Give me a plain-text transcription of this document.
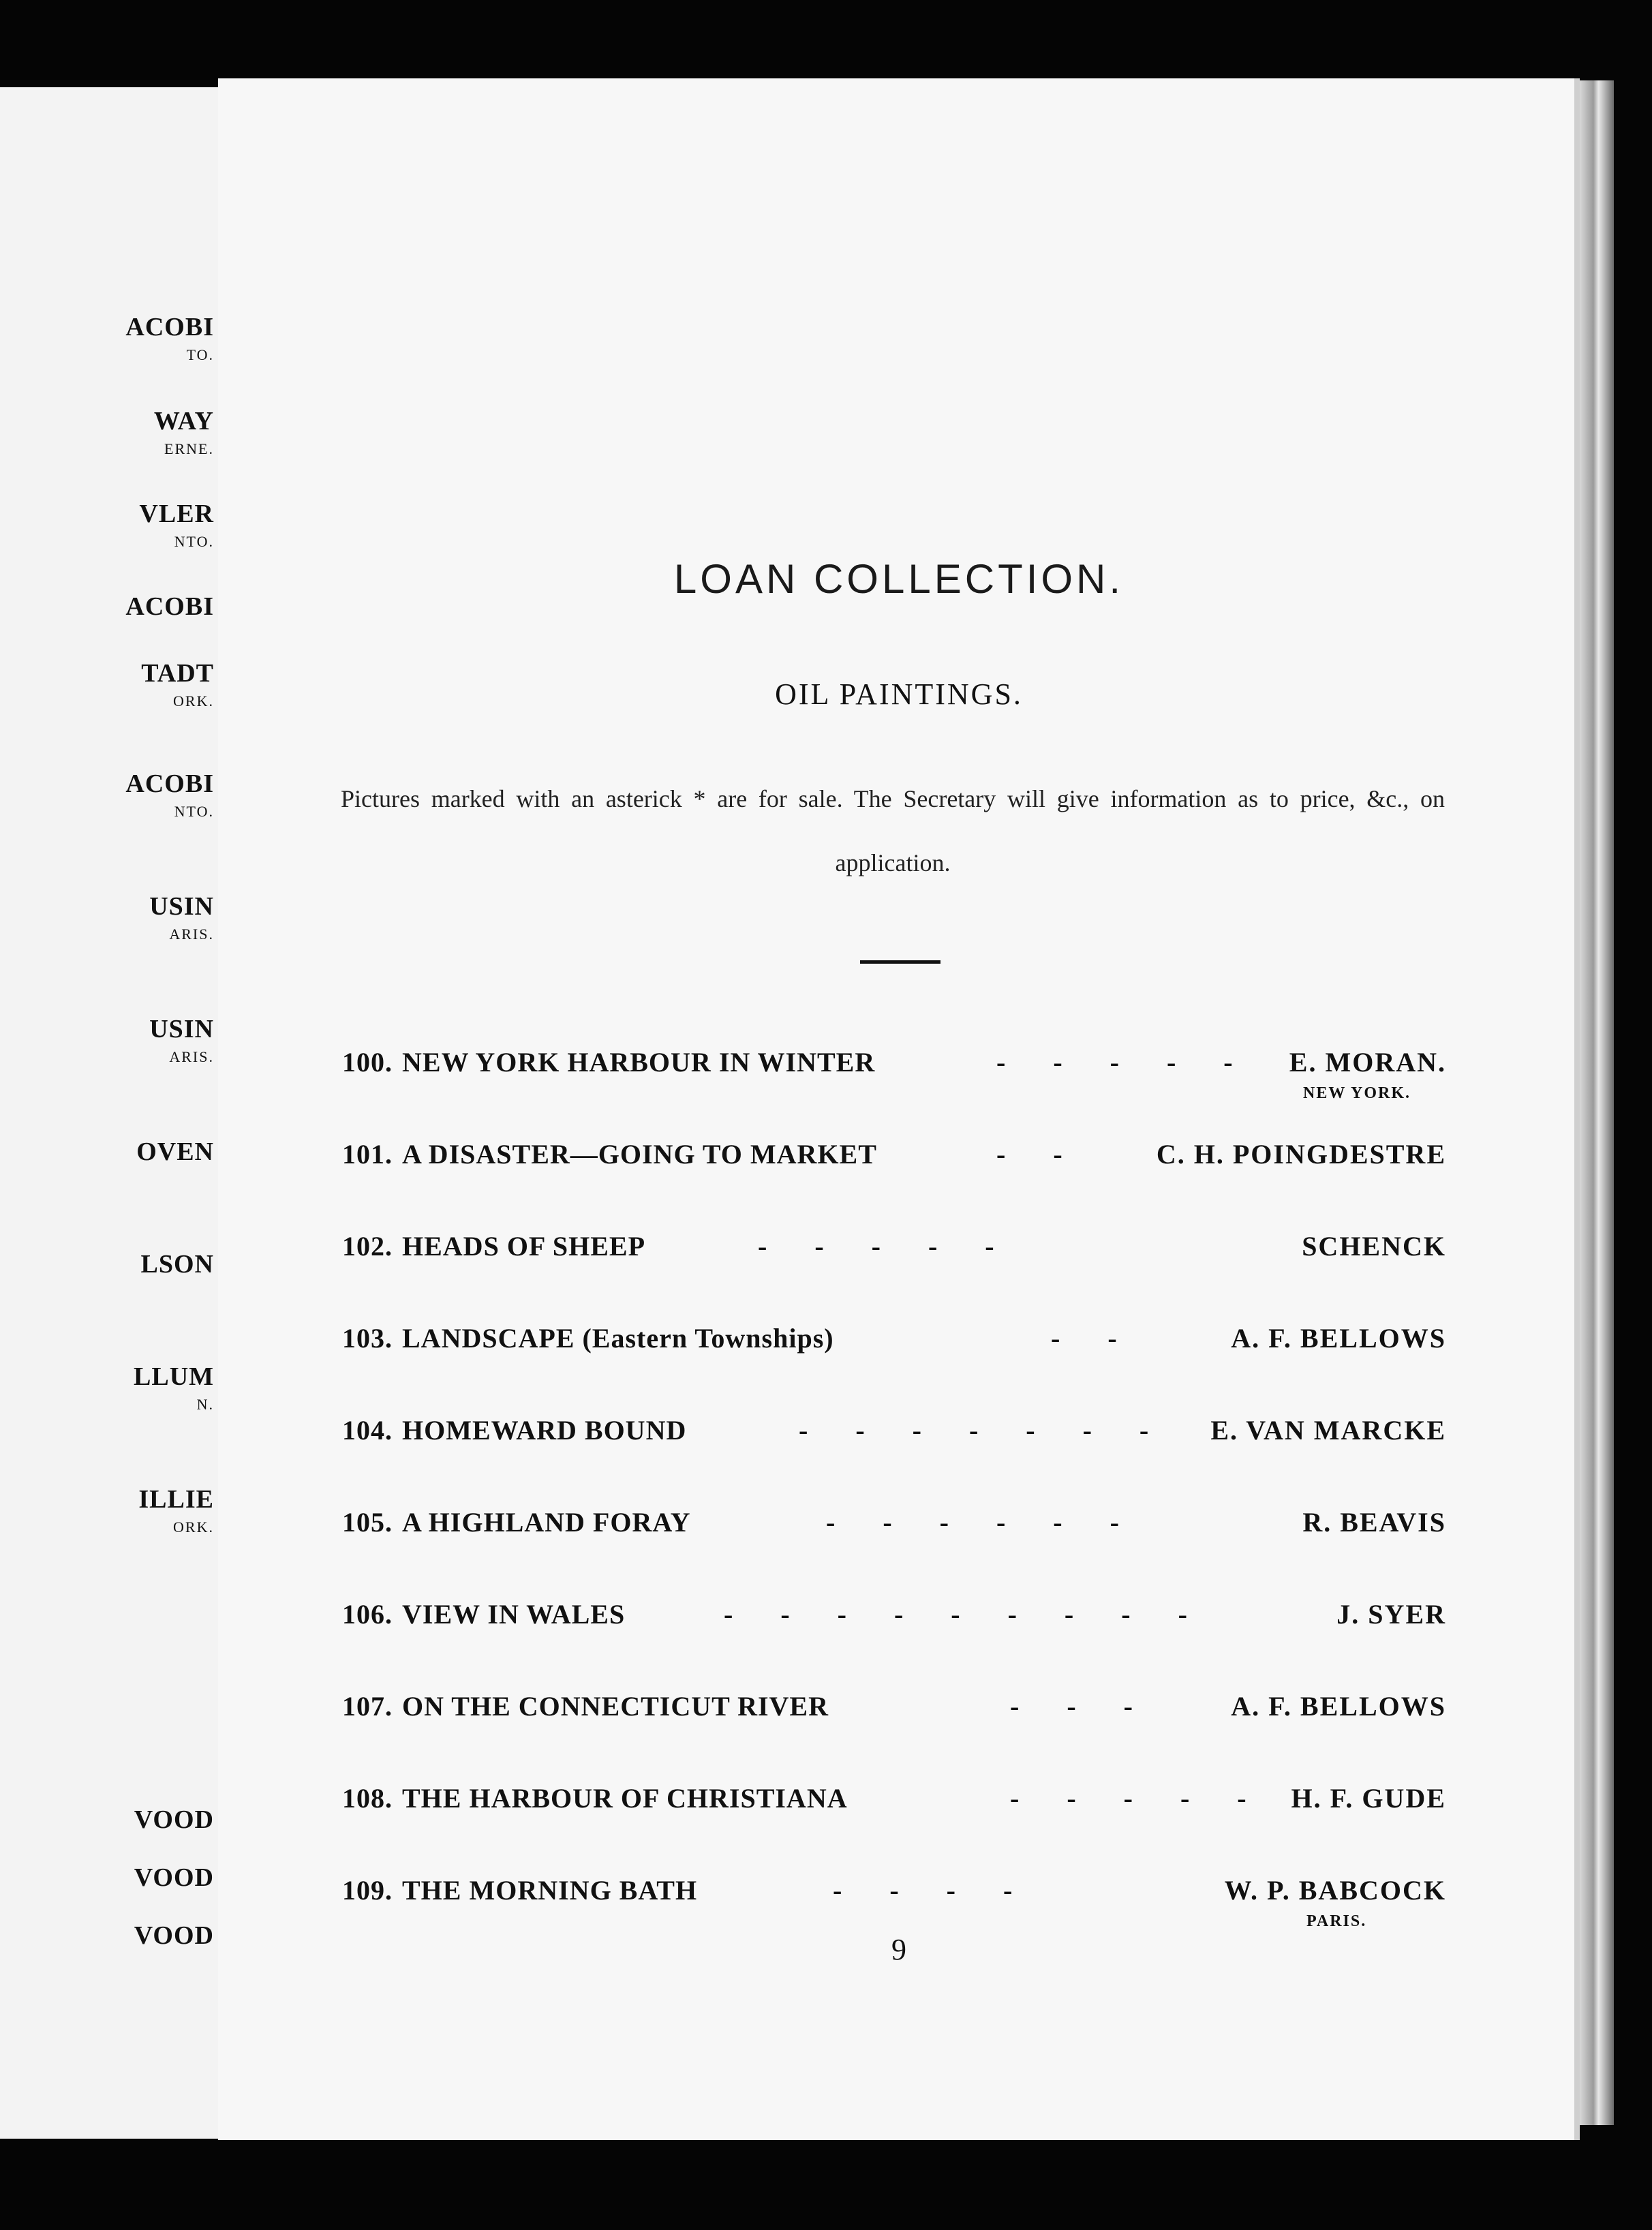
ACOBI
TO.
WAY
ERNE.
VLER
NTO.
ACOBI
TADT
ORK.
ACOBI
NTO.
USIN
ARIS.
USIN
ARIS.
OVEN
LSON
LLUM
N.
ILLIE
ORK.
VOOD
VOOD
VOOD
LOAN COLLECTION.
OIL PAINTINGS.
Pictures marked with an asterick * are for sale. The Secretary will give information as to price, &c., on application.
100. NEW YORK HARBOUR IN WINTER	- - - - - E. MORAN.
NEW YORK.
101. A DISASTER—GOING TO MARKET	- -	C. H. POINGDESTRE
102. HEADS OF SHEEP	- - - - -	SCHENCK
103. LANDSCAPE (Eastern Townships)	- -	A. F. BELLOWS
104. HOMEWARD BOUND	- - - - - - - E. VAN MARCKE
105. A HIGHLAND FORAY	- - - - - -	R. BEAVIS
106. VIEW IN WALES	- - - - - - - - -	J. SYER
107. ON THE CONNECTICUT RIVER	- - -	A. F. BELLOWS
108. THE HARBOUR OF CHRISTIANA	- - - - - H. F. GUDE
109. THE MORNING BATH	- - - -	W. P. BABCOCK
PARIS.
9
